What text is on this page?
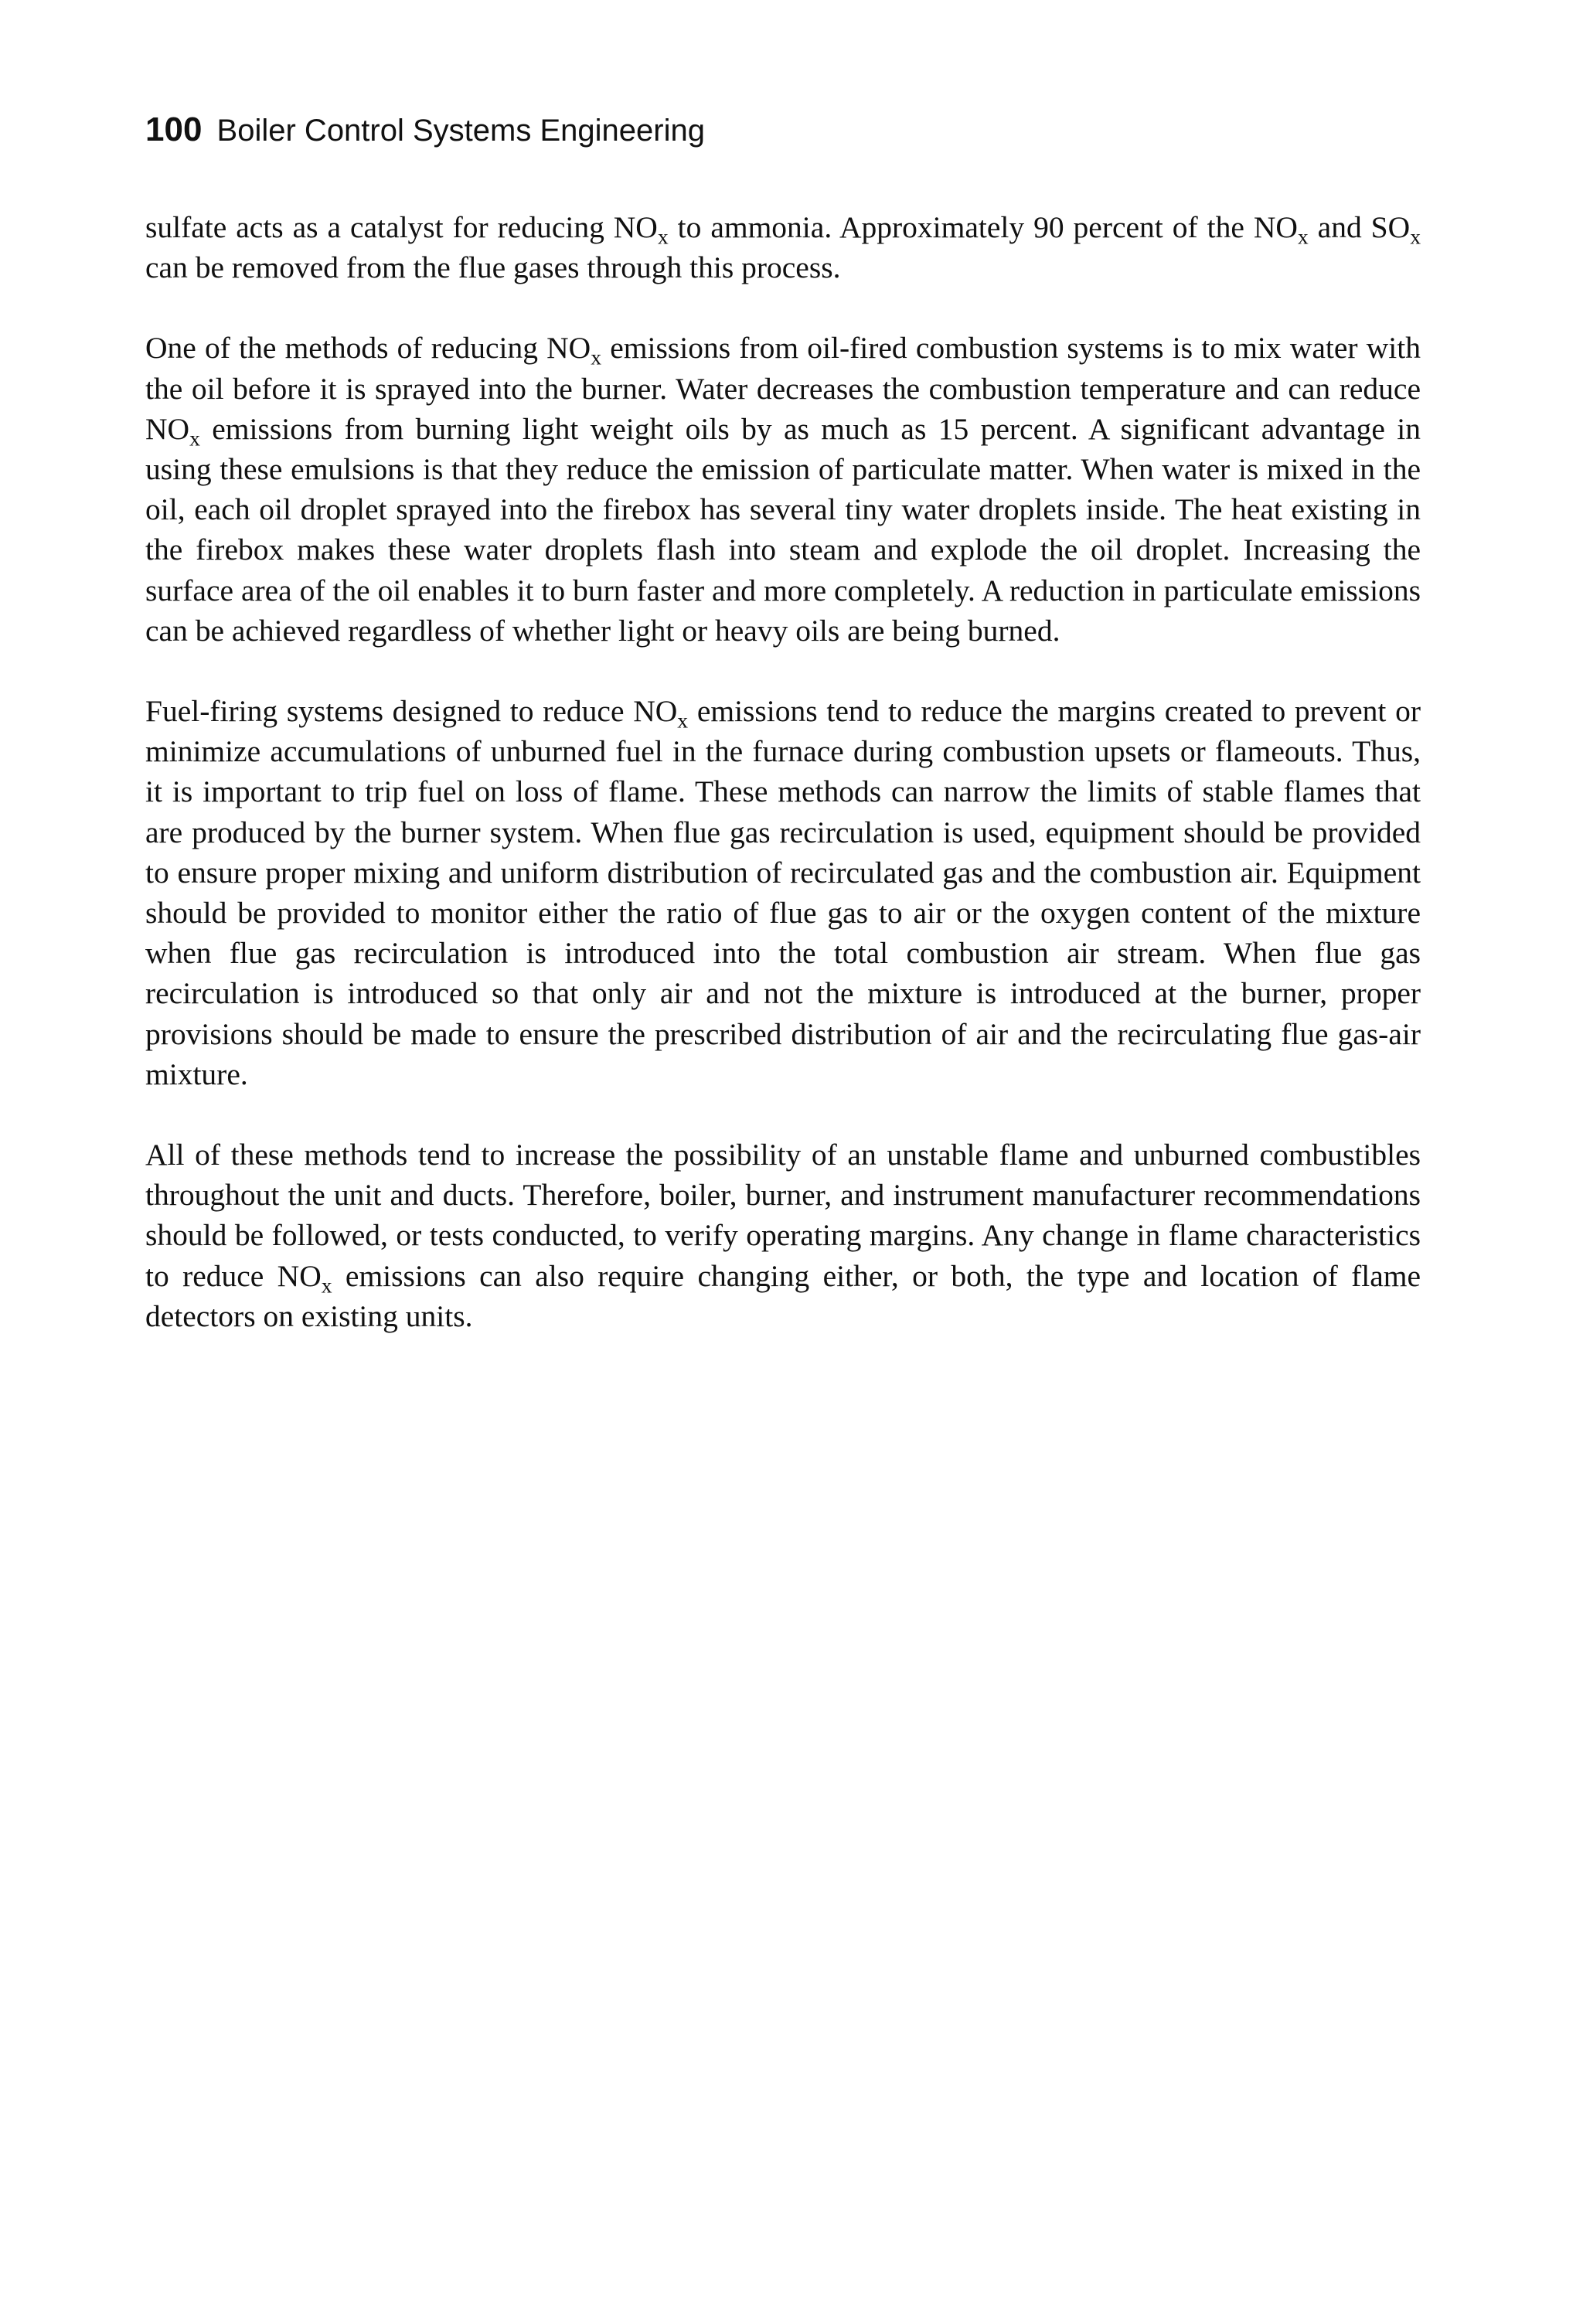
100 Boiler Control Systems Engineering

sulfate acts as a catalyst for reducing $NO_x$ to ammonia. Approximately 90 percent of the $NO_x$ and $SO_x$ can be removed from the flue gases through this process.

One of the methods of reducing $NO_x$ emissions from oil-fired combustion systems is to mix water with the oil before it is sprayed into the burner. Water decreases the combustion temperature and can reduce $NO_x$ emissions from burning light weight oils by as much as 15 percent. A significant advantage in using these emulsions is that they reduce the emission of particulate matter. When water is mixed in the oil, each oil droplet sprayed into the firebox has several tiny water droplets inside. The heat existing in the firebox makes these water droplets flash into steam and explode the oil droplet. Increasing the surface area of the oil enables it to burn faster and more completely. A reduction in particulate emissions can be achieved regardless of whether light or heavy oils are being burned.

Fuel-firing systems designed to reduce $NO_x$ emissions tend to reduce the margins created to prevent or minimize accumulations of unburned fuel in the furnace during combustion upsets or flameouts. Thus, it is important to trip fuel on loss of flame. These methods can narrow the limits of stable flames that are produced by the burner system. When flue gas recirculation is used, equipment should be provided to ensure proper mixing and uniform distribution of recirculated gas and the combustion air. Equipment should be provided to monitor either the ratio of flue gas to air or the oxygen content of the mixture when flue gas recirculation is introduced into the total combustion air stream. When flue gas recirculation is introduced so that only air and not the mixture is introduced at the burner, proper provisions should be made to ensure the prescribed distribution of air and the recirculating flue gas-air mixture.

All of these methods tend to increase the possibility of an unstable flame and unburned combustibles throughout the unit and ducts. Therefore, boiler, burner, and instrument manufacturer recommendations should be followed, or tests conducted, to verify operating margins. Any change in flame characteristics to reduce $NO_x$ emissions can also require changing either, or both, the type and location of flame detectors on existing units.
